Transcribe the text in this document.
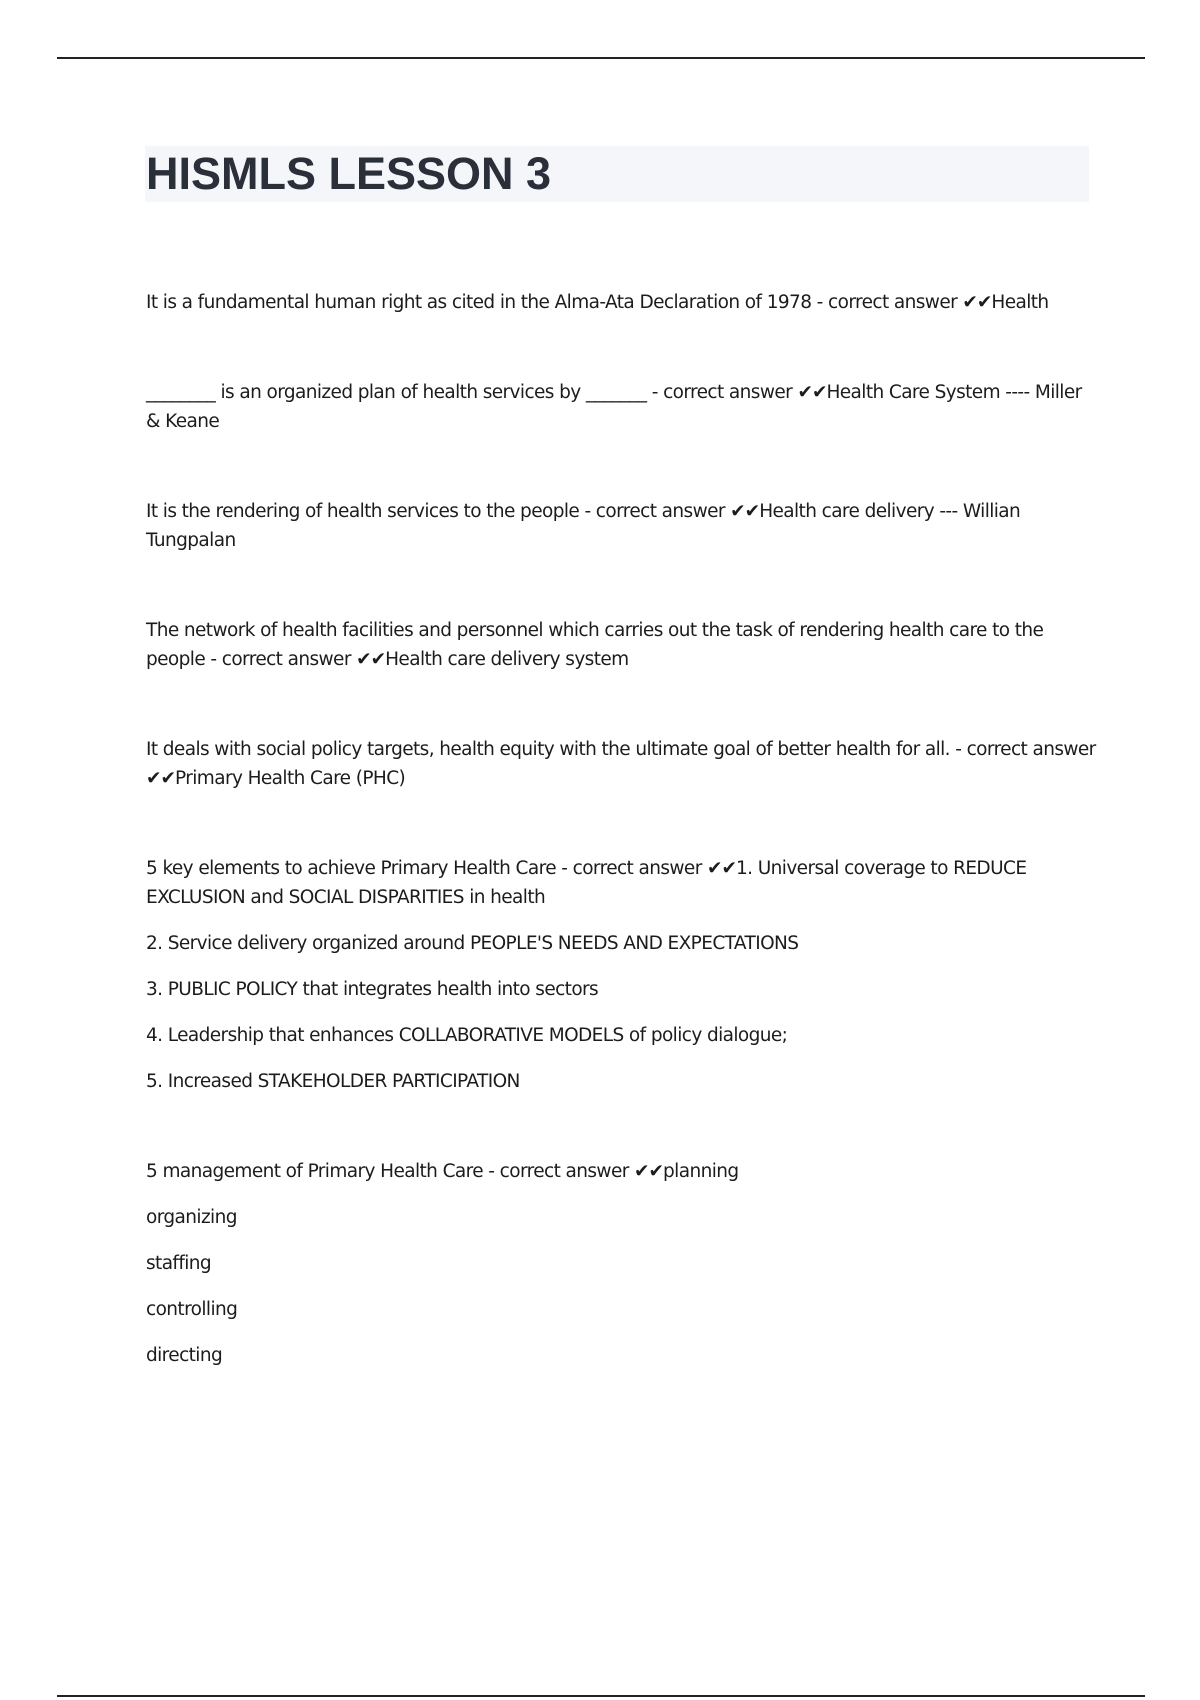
HISMLS LESSON 3

It is a fundamental human right as cited in the Alma-Ata Declaration of 1978 - correct answer ✔✔Health

________ is an organized plan of health services by _______ - correct answer ✔✔Health Care System ---- Miller & Keane

It is the rendering of health services to the people - correct answer ✔✔Health care delivery --- Willian Tungpalan

The network of health facilities and personnel which carries out the task of rendering health care to the people - correct answer ✔✔Health care delivery system

It deals with social policy targets, health equity with the ultimate goal of better health for all. - correct answer ✔✔Primary Health Care (PHC)

5 key elements to achieve Primary Health Care - correct answer ✔✔1. Universal coverage to REDUCE EXCLUSION and SOCIAL DISPARITIES in health

2. Service delivery organized around PEOPLE'S NEEDS AND EXPECTATIONS

3. PUBLIC POLICY that integrates health into sectors

4. Leadership that enhances COLLABORATIVE MODELS of policy dialogue;

5. Increased STAKEHOLDER PARTICIPATION

5 management of Primary Health Care - correct answer ✔✔planning

organizing

staffing

controlling

directing
